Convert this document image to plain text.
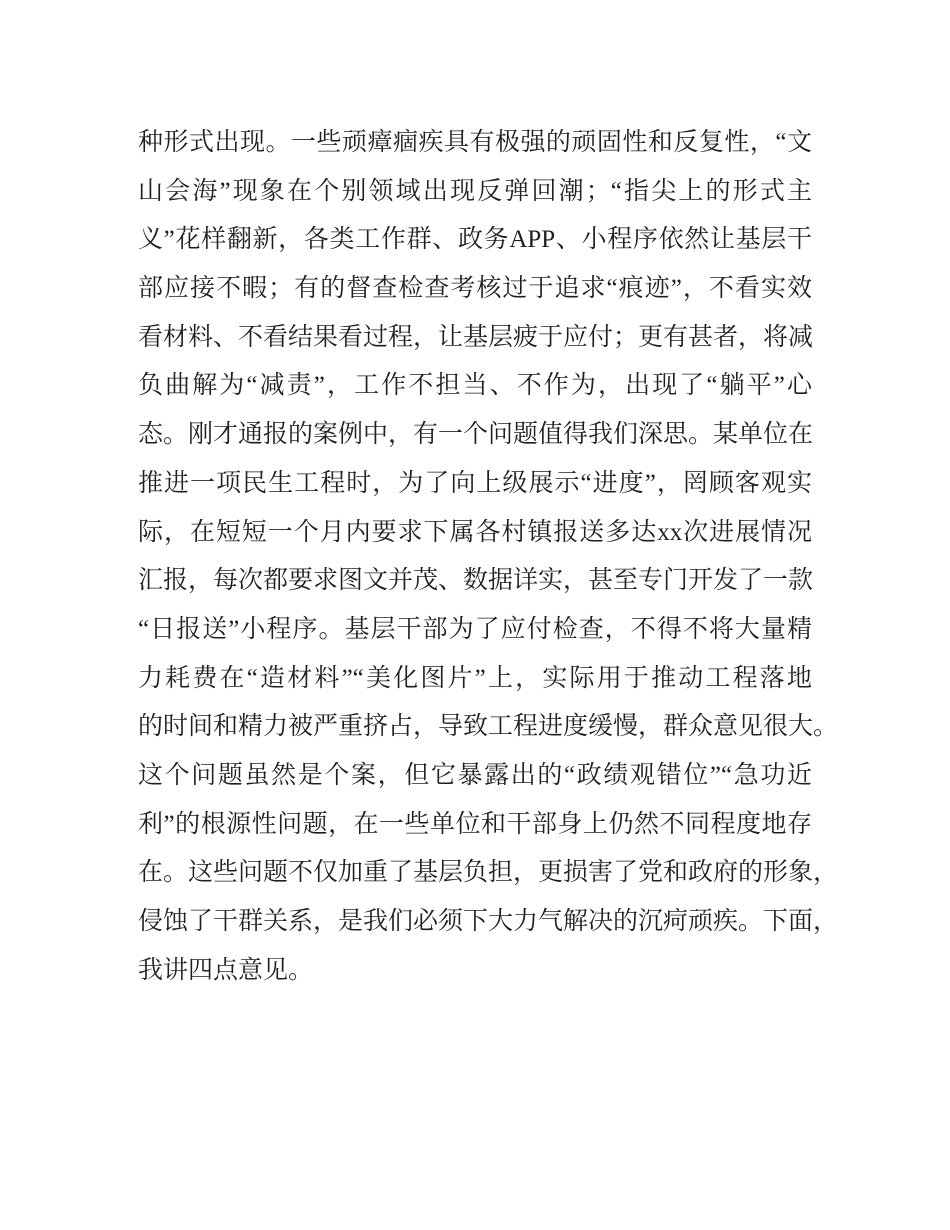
种形式出现。一些顽瘴痼疾具有极强的顽固性和反复性，“文
山会海”现象在个别领域出现反弹回潮；“指尖上的形式主
义”花样翻新，各类工作群、政务APP、小程序依然让基层干
部应接不暇；有的督查检查考核过于追求“痕迹”，不看实效
看材料、不看结果看过程，让基层疲于应付；更有甚者，将减
负曲解为“减责”，工作不担当、不作为，出现了“躺平”心
态。刚才通报的案例中，有一个问题值得我们深思。某单位在
推进一项民生工程时，为了向上级展示“进度”，罔顾客观实
际，在短短一个月内要求下属各村镇报送多达xx次进展情况
汇报，每次都要求图文并茂、数据详实，甚至专门开发了一款
“日报送”小程序。基层干部为了应付检查，不得不将大量精
力耗费在“造材料”“美化图片”上，实际用于推动工程落地
的时间和精力被严重挤占，导致工程进度缓慢，群众意见很大。
这个问题虽然是个案，但它暴露出的“政绩观错位”“急功近
利”的根源性问题，在一些单位和干部身上仍然不同程度地存
在。这些问题不仅加重了基层负担，更损害了党和政府的形象，
侵蚀了干群关系，是我们必须下大力气解决的沉疴顽疾。下面，
我讲四点意见。
